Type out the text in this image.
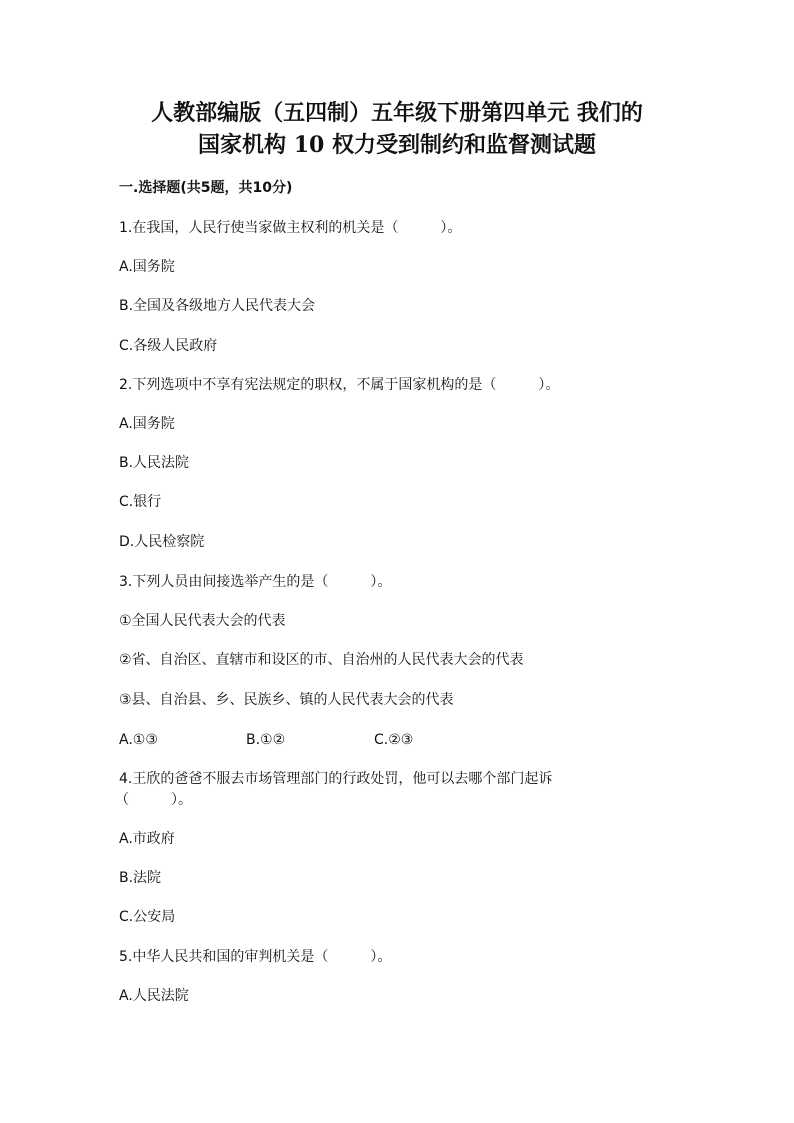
人教部编版（五四制）五年级下册第四单元 我们的
国家机构 10 权力受到制约和监督测试题
一.选择题(共5题，共10分)
1.在我国，人民行使当家做主权利的机关是（　　　）。
A.国务院
B.全国及各级地方人民代表大会
C.各级人民政府
2.下列选项中不享有宪法规定的职权，不属于国家机构的是（　　　）。
A.国务院
B.人民法院
C.银行
D.人民检察院
3.下列人员由间接选举产生的是（　　　）。
①全国人民代表大会的代表
②省、自治区、直辖市和设区的市、自治州的人民代表大会的代表
③县、自治县、乡、民族乡、镇的人民代表大会的代表
A.①③	B.①②	C.②③
4.王欣的爸爸不服去市场管理部门的行政处罚，他可以去哪个部门起诉
（　　　）。
A.市政府
B.法院
C.公安局
5.中华人民共和国的审判机关是（　　　）。
A.人民法院
